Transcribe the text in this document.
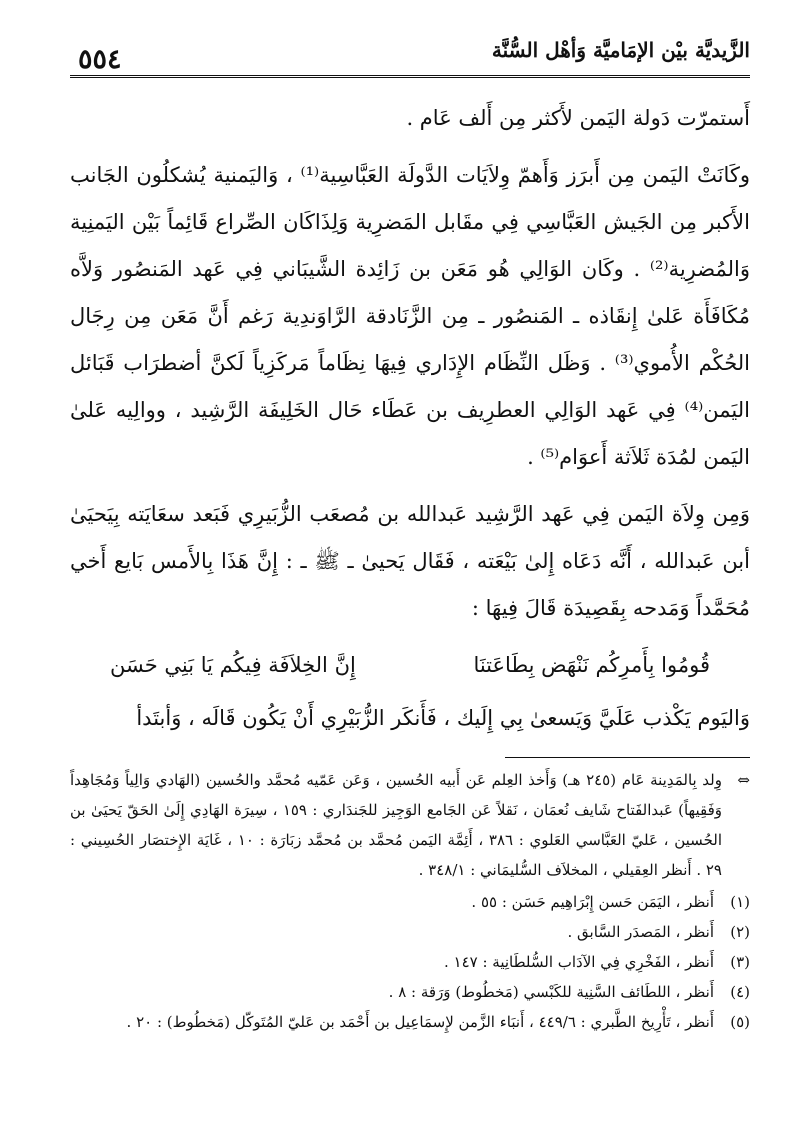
الزَّيديَّة بيْن الإمَاميَّة وَأهْل السُّنَّة
٥٥٤

أَستمرّت دَولة اليَمن لأَكثر مِن أَلف عَام .

وكَانَتْ اليَمن مِن أَبرَز وَأَهمّ وِلاَيَات الدَّولَة العَبَّاسِية⁽¹⁾ ، وَاليَمنية يُشكلُون الجَانب الأَكبر مِن الجَيش العَبَّاسِي فِي مقَابل المَضرِية وَلِذَاكَان الصِّراع قَائِماً بَيْن اليَمنِية وَالمُضرِية⁽²⁾ . وكَان الوَالِي هُو مَعَن بن زَائِدة الشَّيبَاني فِي عَهد المَنصُور وَلاَّه مُكَافَأَة عَلىٰ إِنقَاذه ـ المَنصُور ـ مِن الزَّنَادقة الرَّاوَندِية رَغم أَنَّ مَعَن مِن رِجَال الحُكْم الأُموي⁽³⁾ . وَظَل النِّظَام الإِدَاري فِيهَا نِظَاماً مَركَزِياً لَكنَّ أضطرَاب قَبَائل اليَمن⁽⁴⁾ فِي عَهد الوَالِي العطرِيف بن عَطَاء حَال الخَلِيفَة الرَّشِيد ، ووالِيه عَلىٰ اليَمن لمُدَة ثَلاَثة أَعوَام⁽⁵⁾ .

وَمِن وِلاَة اليَمن فِي عَهد الرَّشِيد عَبدالله بن مُصعَب الزُّبَيرِي فَبَعد سعَايَته بِيَحيَىٰ أبن عَبدالله ، أَنَّه دَعَاه إِلىٰ بَيْعَته ، فَقَال يَحيىٰ ـ ﷺ ـ : إِنَّ هَذَا بِالأَمس بَايع أَخي مُحَمَّداً وَمَدحه بِقَصِيدَة قَالَ فِيهَا :

قُومُوا بِأَمرِكُم نَنْهَض بِطَاعَتنَا
إِنَّ الخِلاَفَة فِيكُم يَا بَنِي حَسَن

وَاليَوم يَكْذب عَلَيَّ وَيَسعىٰ بِي إِلَيك ، فَأَنكَر الزُّبَيْرِي أَنْ يَكُون قَالَه ، وَأبتَدأ

⇔
وِلد بِالمَدِينة عَام (٢٤٥ هـ) وَأَخذ العِلم عَن أَبيه الحُسين ، وَعَن عَمّيه مُحمَّد والحُسين (الهَادي وَالِياً وَمُجَاهِداً وَفَقِيهاً) عَبدالفَتاح شَايف نُعمَان ، نَقلاً عَن الجَامع الوَجِيز للجَندَاري : ١٥٩ ، سِيرَة الهَادِي إِلَىٰ الحَقّ يَحيَىٰ بن الحُسين ، عَليّ العَبَّاسي العَلوي : ٣٨٦ ، أَئِمَّة اليَمن مُحمَّد بن مُحمَّد زبَارَة : ١٠ ، غَايَة الإِختصَار الحُسِيني : ٢٩ . أَنظر العِقيلي ، المخلاَف السُّليمَاني : ٣٤٨/١ .
(١)
أَنظر ، اليَمَن حَسن إِبْرَاهِيم حَسَن : ٥٥ .
(٢)
أَنظر ، المَصدَر السَّابق .
(٣)
أَنظر ، الفَخْرِي فِي الآدَاب السُّلطَانِية : ١٤٧ .
(٤)
أَنظر ، اللطَائف السَّنِية للكَبْسي (مَخطُوط) وَرَقة : ٨ .
(٥)
أَنظر ، تَأْرِيخ الطَّبري : ٤٤٩/٦ ، أَنبَاء الزَّمن لإِسمَاعِيل بن أَحْمَد بن عَليّ المُتَوكّل (مَخطُوط) : ٢٠ .
